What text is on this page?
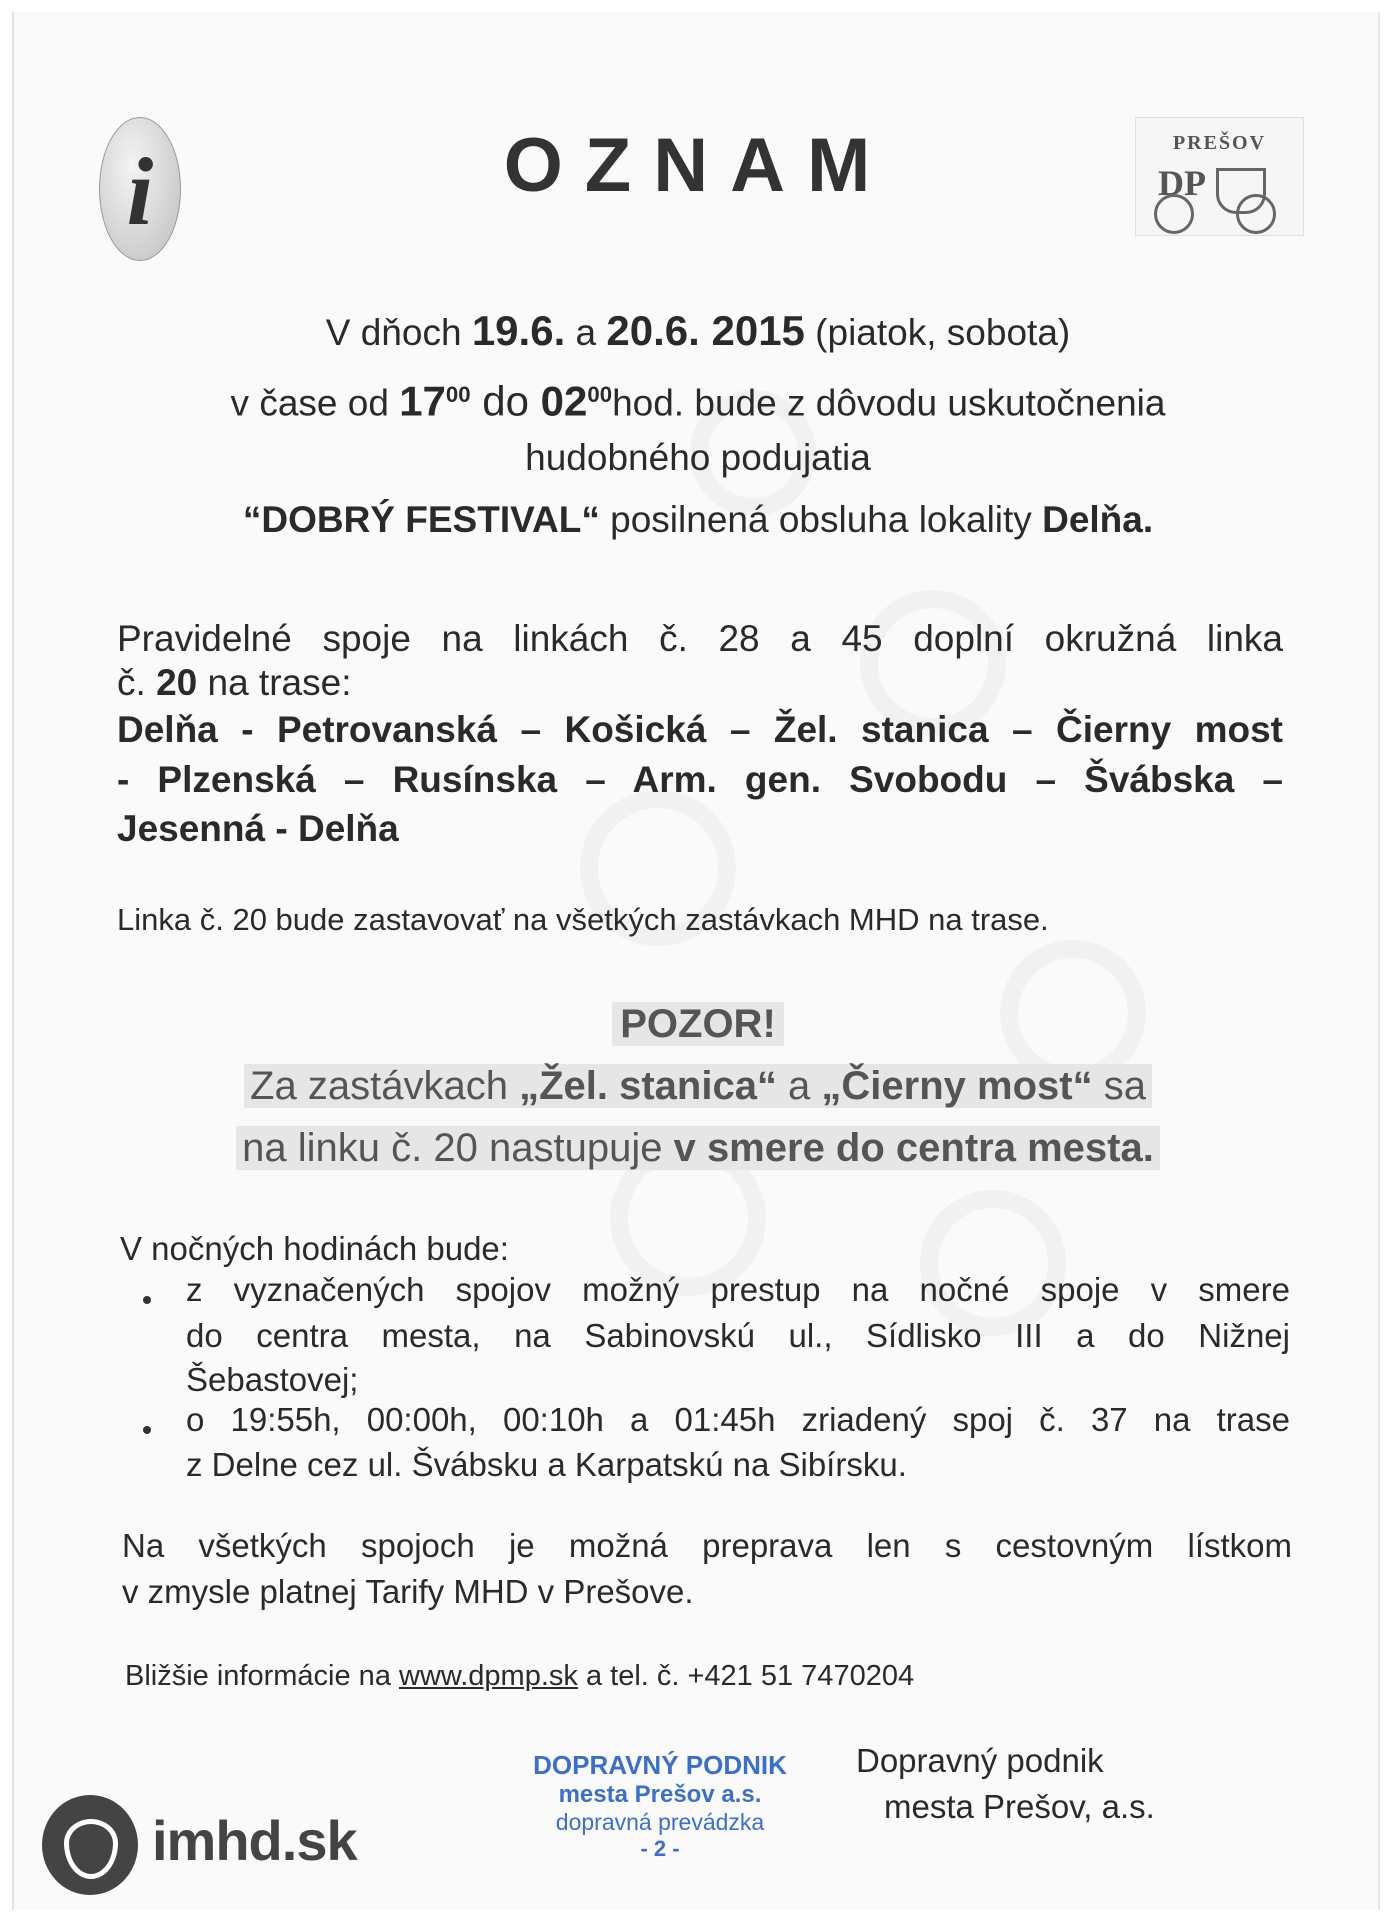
i	OZNAM	PREŠOV
DP
V dňoch 19.6. a 20.6. 2015 (piatok, sobota)
v čase od $17^{00}$ do $02^{00}hod$. bude z dôvodu uskutočnenia
hudobného podujatia
“DOBRÝ FESTIVAL“ posilnená obsluha lokality Delňa.
Pravidelné spoje na linkách č. 28 a 45 doplní okružná linka
č. 20 na trase:
Delňa - Petrovanská – Košická – Žel. stanica – Čierny most
- Plzenská – Rusínska – Arm. gen. Svobodu – Švábska –
Jesenná - Delňa
Linka č. 20 bude zastavovať na všetkých zastávkach MHD na trase.
POZOR!
Za zastávkach „Žel. stanica“ a „Čierny most“ sa
na linku č. 20 nastupuje v smere do centra mesta.
V nočných hodinách bude:
z vyznačených spojov možný prestup na nočné spoje v smere
do centra mesta, na Sabinovskú ul., Sídlisko III a do Nižnej
Šebastovej;
o 19:55h, 00:00h, 00:10h a 01:45h zriadený spoj č. 37 na trase
z Delne cez ul. Švábsku a Karpatskú na Sibírsku.
Na všetkých spojoch je možná preprava len s cestovným lístkom
v zmysle platnej Tarify MHD v Prešove.
Bližšie informácie na www.dpmp.sk a tel. č. +421 51 7470204
DOPRAVNÝ PODNIK
mesta Prešov a.s.
dopravná prevádzka
- 2 -
Dopravný podnik
mesta Prešov, a.s.
imhd.sk
